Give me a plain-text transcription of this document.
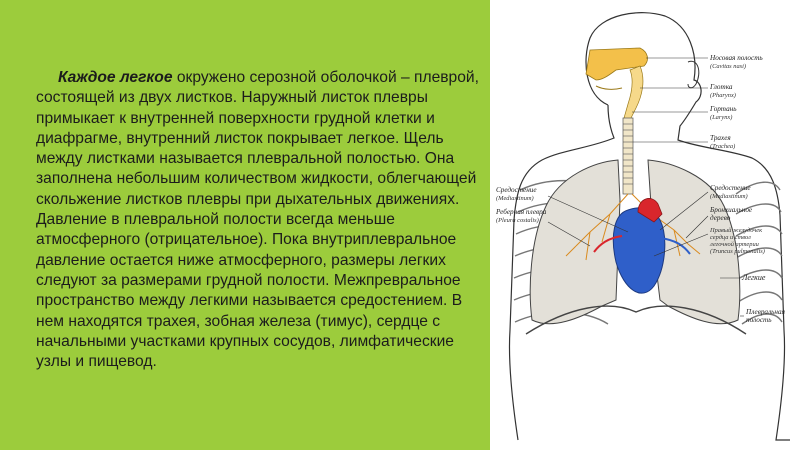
Каждое легкое окружено серозной оболочкой – плеврой, состоящей из двух листков. Наружный листок плевры примыкает к внутренней поверхности грудной клетки и диафрагме, внутренний листок покрывает легкое. Щель между листками называется плевральной полостью. Она заполнена небольшим количеством жидкости, облегчающей скольжение листков плевры при дыхательных движениях. Давление в плевральной полости всегда меньше атмосферного (отрицательное). Пока внутриплевральное давление остается ниже атмосферного, размеры легких следуют за размерами грудной полости. Межпревральное пространство между легкими называется средостением. В нем находятся трахея, зобная железа (тимус), сердце с начальными участками крупных сосудов, лимфатические узлы и пищевод.

Носовая полость
(Cavitas nasi)
Глотка
(Pharynx)
Гортань
(Larynx)
Трахея
(Trachea)
Средостение
(Mediastinum)
Бронхиальное
дерево
Правый желудочек
сердца и ствол
легочной артерии
(Truncus pulmonalis)
Легкие
Плевральная
полость
Средостение
(Mediastinum)
Реберная плевра
(Pleura costalis)
